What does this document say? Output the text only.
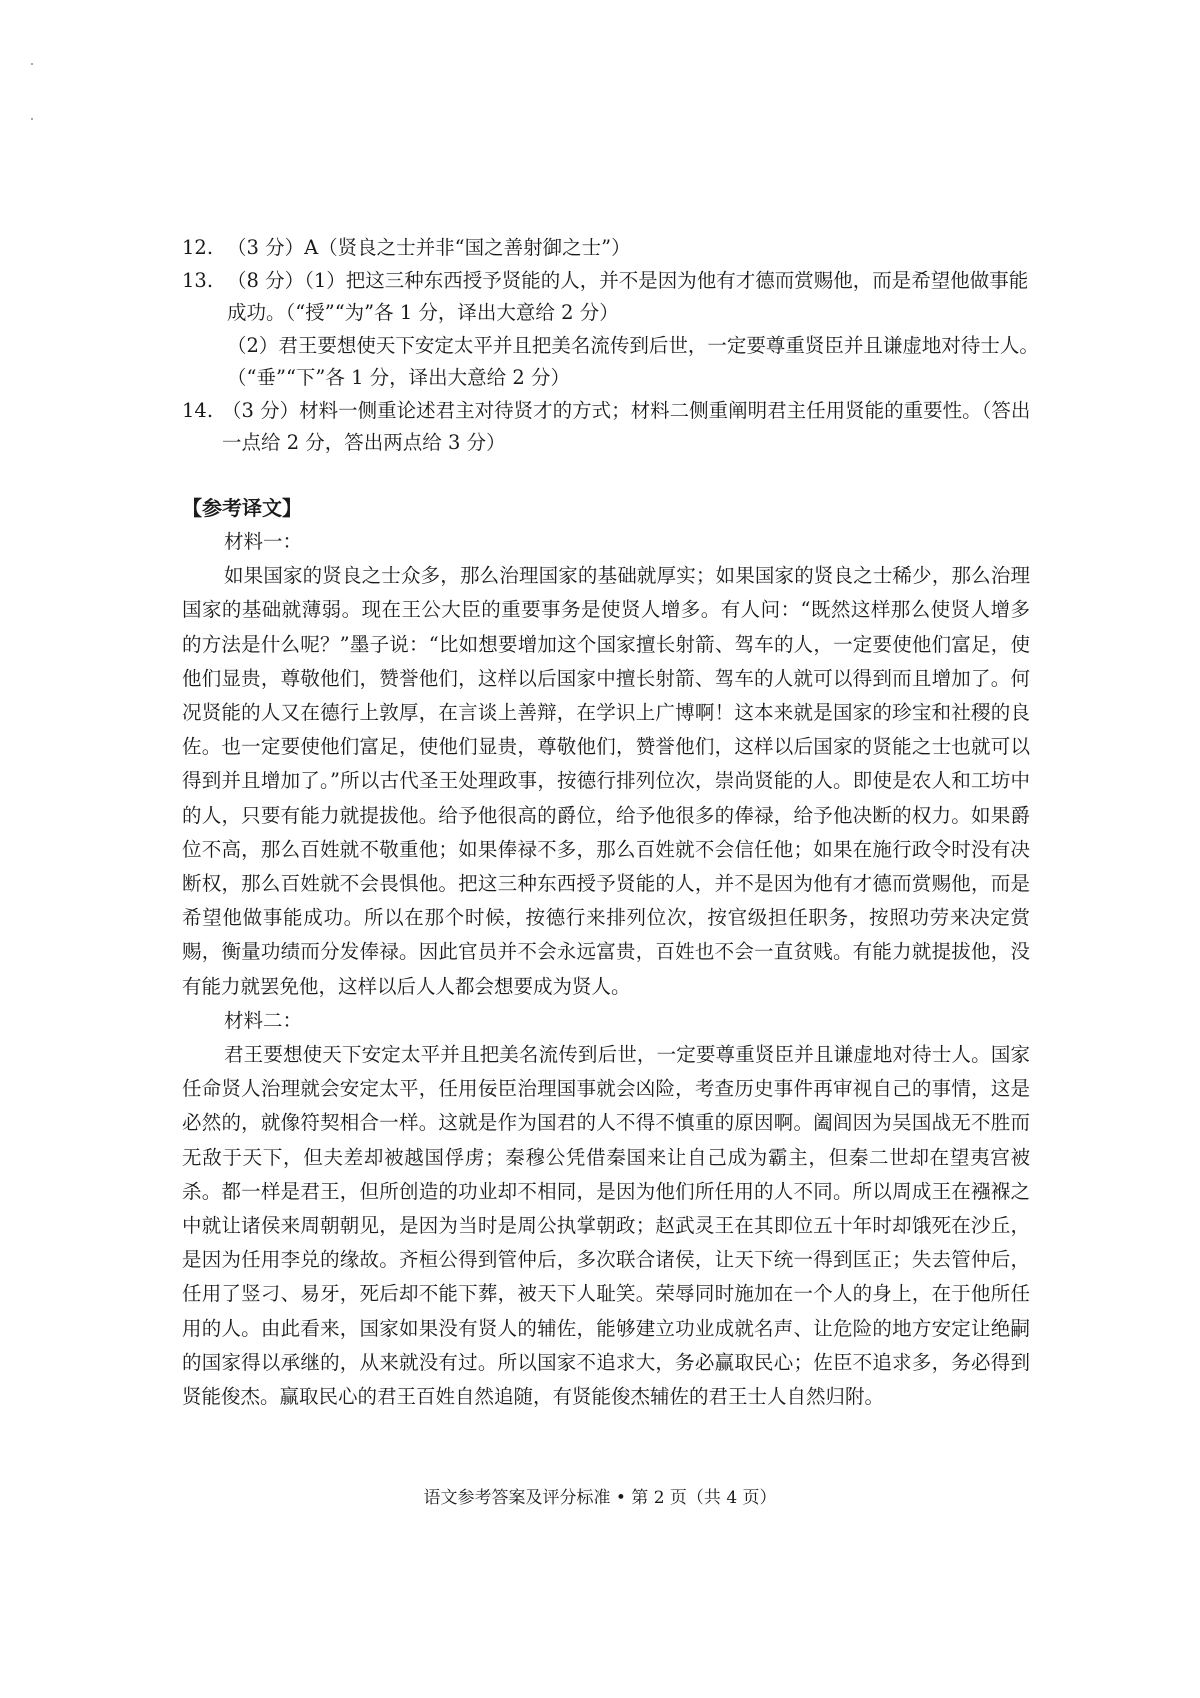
12. （3 分）A（贤良之士并非“国之善射御之士”）

13. （8 分）（1）把这三种东西授予贤能的人，并不是因为他有才德而赏赐他，而是希望他做事能成功。（“授”“为”各 1 分，译出大意给 2 分）

（2）君王要想使天下安定太平并且把美名流传到后世，一定要尊重贤臣并且谦虚地对待士人。（“垂”“下”各 1 分，译出大意给 2 分）

14. （3 分）材料一侧重论述君主对待贤才的方式；材料二侧重阐明君主任用贤能的重要性。（答出一点给 2 分，答出两点给 3 分）

【参考译文】

材料一：

如果国家的贤良之士众多，那么治理国家的基础就厚实；如果国家的贤良之士稀少，那么治理国家的基础就薄弱。现在王公大臣的重要事务是使贤人增多。有人问：“既然这样那么使贤人增多的方法是什么呢？”墨子说：“比如想要增加这个国家擅长射箭、驾车的人，一定要使他们富足，使他们显贵，尊敬他们，赞誉他们，这样以后国家中擅长射箭、驾车的人就可以得到而且增加了。何况贤能的人又在德行上敦厚，在言谈上善辩，在学识上广博啊！这本来就是国家的珍宝和社稷的良佐。也一定要使他们富足，使他们显贵，尊敬他们，赞誉他们，这样以后国家的贤能之士也就可以得到并且增加了。”所以古代圣王处理政事，按德行排列位次，崇尚贤能的人。即使是农人和工坊中的人，只要有能力就提拔他。给予他很高的爵位，给予他很多的俸禄，给予他决断的权力。如果爵位不高，那么百姓就不敬重他；如果俸禄不多，那么百姓就不会信任他；如果在施行政令时没有决断权，那么百姓就不会畏惧他。把这三种东西授予贤能的人，并不是因为他有才德而赏赐他，而是希望他做事能成功。所以在那个时候，按德行来排列位次，按官级担任职务，按照功劳来决定赏赐，衡量功绩而分发俸禄。因此官员并不会永远富贵，百姓也不会一直贫贱。有能力就提拔他，没有能力就罢免他，这样以后人人都会想要成为贤人。

材料二：

君王要想使天下安定太平并且把美名流传到后世，一定要尊重贤臣并且谦虚地对待士人。国家任命贤人治理就会安定太平，任用佞臣治理国事就会凶险，考查历史事件再审视自己的事情，这是必然的，就像符契相合一样。这就是作为国君的人不得不慎重的原因啊。阖闾因为吴国战无不胜而无敌于天下，但夫差却被越国俘虏；秦穆公凭借秦国来让自己成为霸主，但秦二世却在望夷宫被杀。都一样是君王，但所创造的功业却不相同，是因为他们所任用的人不同。所以周成王在襁褓之中就让诸侯来周朝朝见，是因为当时是周公执掌朝政；赵武灵王在其即位五十年时却饿死在沙丘，是因为任用李兑的缘故。齐桓公得到管仲后，多次联合诸侯，让天下统一得到匡正；失去管仲后，任用了竖刁、易牙，死后却不能下葬，被天下人耻笑。荣辱同时施加在一个人的身上，在于他所任用的人。由此看来，国家如果没有贤人的辅佐，能够建立功业成就名声、让危险的地方安定让绝嗣的国家得以承继的，从来就没有过。所以国家不追求大，务必赢取民心；佐臣不追求多，务必得到贤能俊杰。赢取民心的君王百姓自然追随，有贤能俊杰辅佐的君王士人自然归附。

语文参考答案及评分标准 • 第 2 页（共 4 页）
